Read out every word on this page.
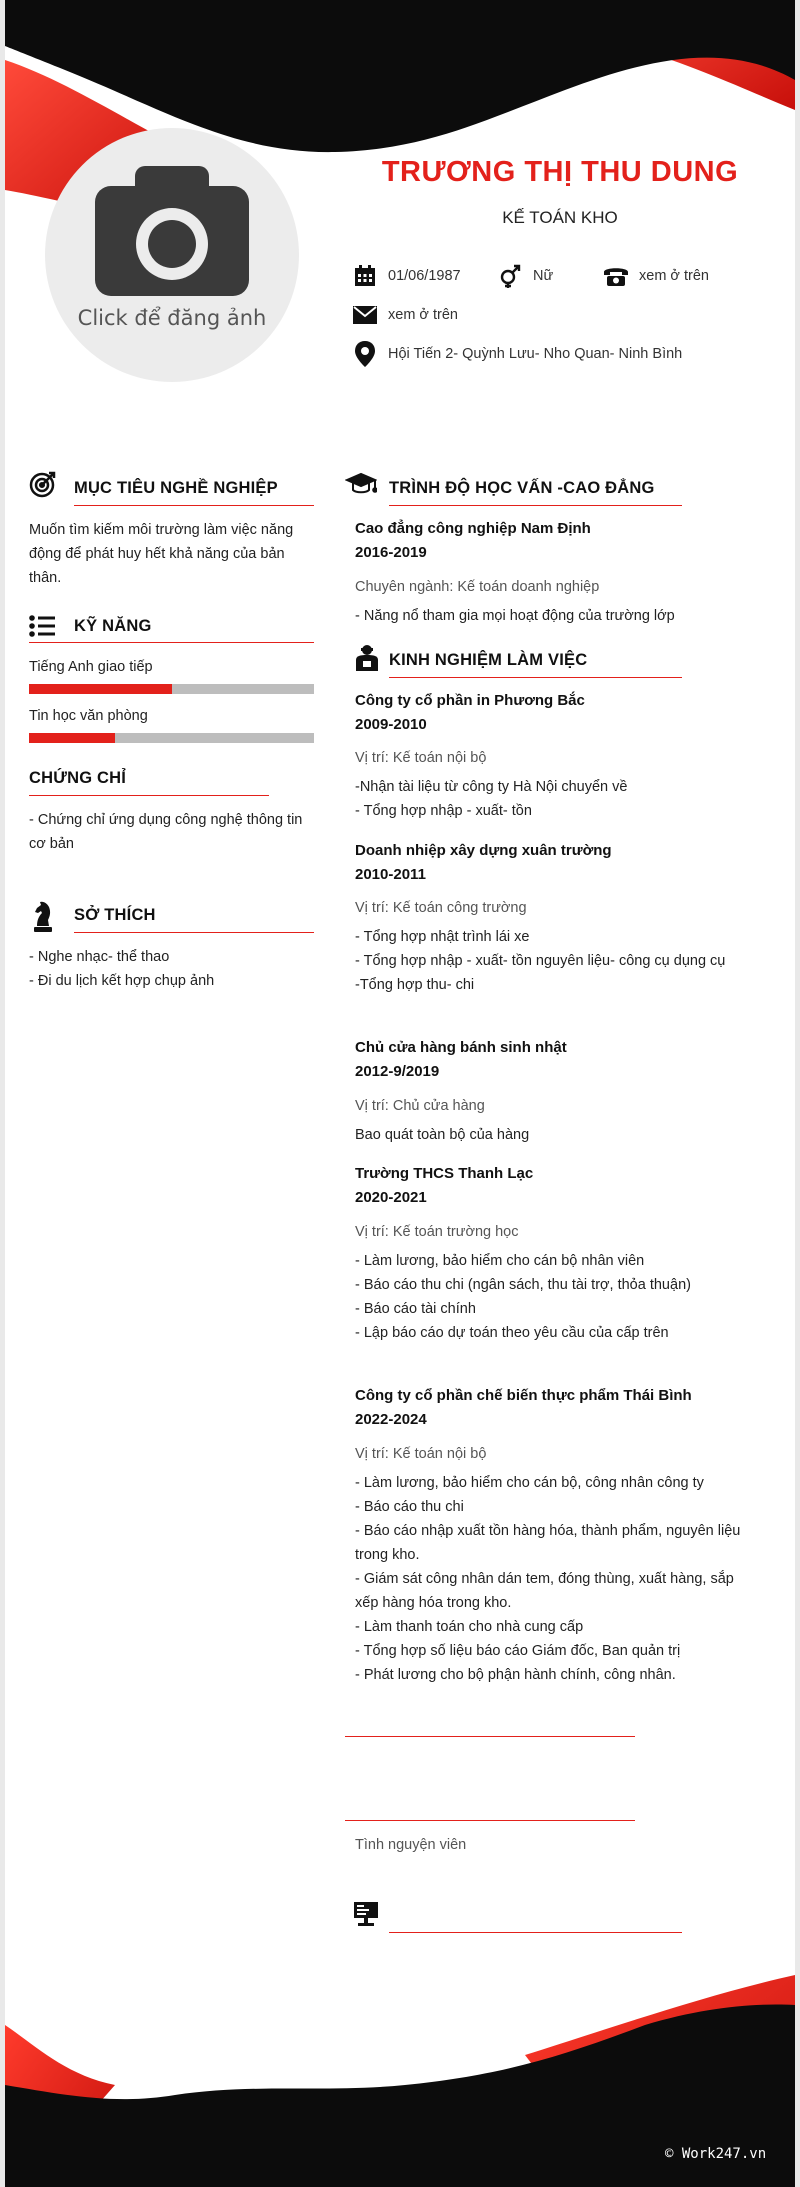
Click để đăng ảnh
TRƯƠNG THỊ THU DUNG
KẾ TOÁN KHO
01/06/1987	Nữ	xem ở trên
xem ở trên
Hội Tiến 2- Quỳnh Lưu- Nho Quan- Ninh Bình
MỤC TIÊU NGHỀ NGHIỆP
Muốn tìm kiếm môi trường làm việc năng
động để phát huy hết khả năng của bản
thân.
KỸ NĂNG
Tiếng Anh giao tiếp
Tin học văn phòng
CHỨNG CHỈ
- Chứng chỉ ứng dụng công nghệ thông tin
cơ bản
SỞ THÍCH
- Nghe nhạc- thể thao
- Đi du lịch kết hợp chụp ảnh
TRÌNH ĐỘ HỌC VẤN -CAO ĐẲNG
Cao đẳng công nghiệp Nam Định
2016-2019
Chuyên ngành: Kế toán doanh nghiệp
- Năng nổ tham gia mọi hoạt động của trường lớp
KINH NGHIỆM LÀM VIỆC
Công ty cổ phần in Phương Bắc
2009-2010
Vị trí: Kế toán nội bộ
-Nhận tài liệu từ công ty Hà Nội chuyển về
- Tổng hợp nhập - xuất- tồn
Doanh nhiệp xây dựng xuân trường
2010-2011
Vị trí: Kế toán công trường
- Tổng hợp nhật trình lái xe
- Tổng hợp nhập - xuất- tồn nguyên liệu- công cụ dụng cụ
-Tổng hợp thu- chi
Chủ cửa hàng bánh sinh nhật
2012-9/2019
Vị trí: Chủ cửa hàng
Bao quát toàn bộ của hàng
Trường THCS Thanh Lạc
2020-2021
Vị trí: Kế toán trường học
- Làm lương, bảo hiểm cho cán bộ nhân viên
- Báo cáo thu chi (ngân sách, thu tài trợ, thỏa thuận)
- Báo cáo tài chính
- Lập báo cáo dự toán theo yêu cầu của cấp trên
Công ty cổ phần chế biến thực phẩm Thái Bình
2022-2024
Vị trí: Kế toán nội bộ
- Làm lương, bảo hiểm cho cán bộ, công nhân công ty
- Báo cáo thu chi
- Báo cáo nhập xuất tồn hàng hóa, thành phẩm, nguyên liệu
trong kho.
- Giám sát công nhân dán tem, đóng thùng, xuất hàng, sắp
xếp hàng hóa trong kho.
- Làm thanh toán cho nhà cung cấp
- Tổng hợp số liệu báo cáo Giám đốc, Ban quản trị
- Phát lương cho bộ phận hành chính, công nhân.
Tình nguyện viên
© Work247.vn
